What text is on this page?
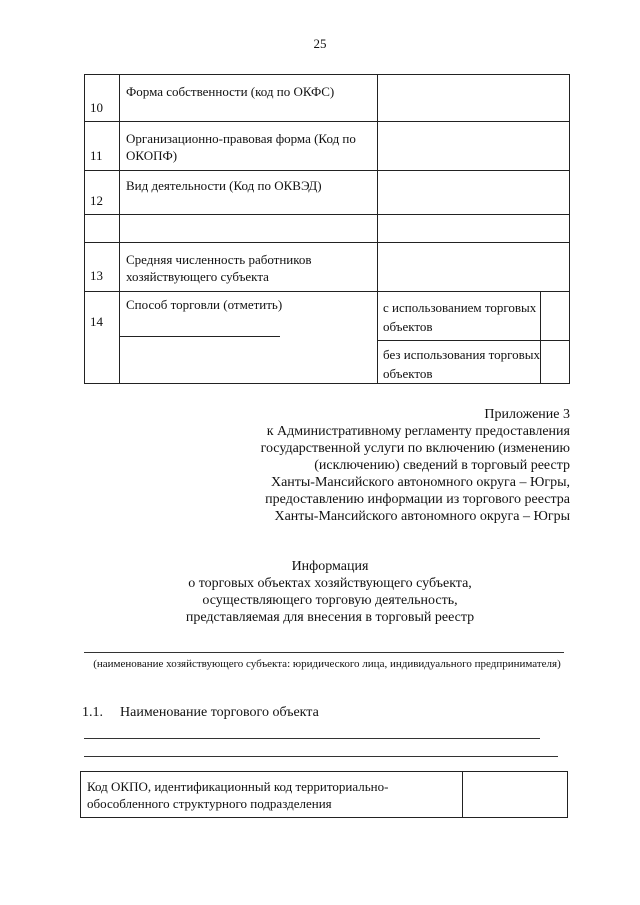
25
10
Форма собственности (код по ОКФС)
11
Организационно-правовая форма (Код по ОКОПФ)
12
Вид деятельности (Код по ОКВЭД)
13
Средняя численность работников хозяйствующего субъекта
14
Способ торговли (отметить)	с использованием торговых объектов
без использования торговых объектов
Приложение 3
к Административному регламенту предоставления
государственной услуги по включению (изменению
(исключению) сведений в торговый реестр
Ханты-Мансийского автономного округа – Югры,
предоставлению информации из торгового реестра
Ханты-Мансийского автономного округа – Югры
Информация
о торговых объектах хозяйствующего субъекта,
осуществляющего торговую деятельность,
представляемая для внесения в торговый реестр
(наименование хозяйствующего субъекта: юридического лица, индивидуального предпринимателя)
1.1. Наименование торгового объекта
Код ОКПО, идентификационный код территориально-обособленного структурного подразделения
